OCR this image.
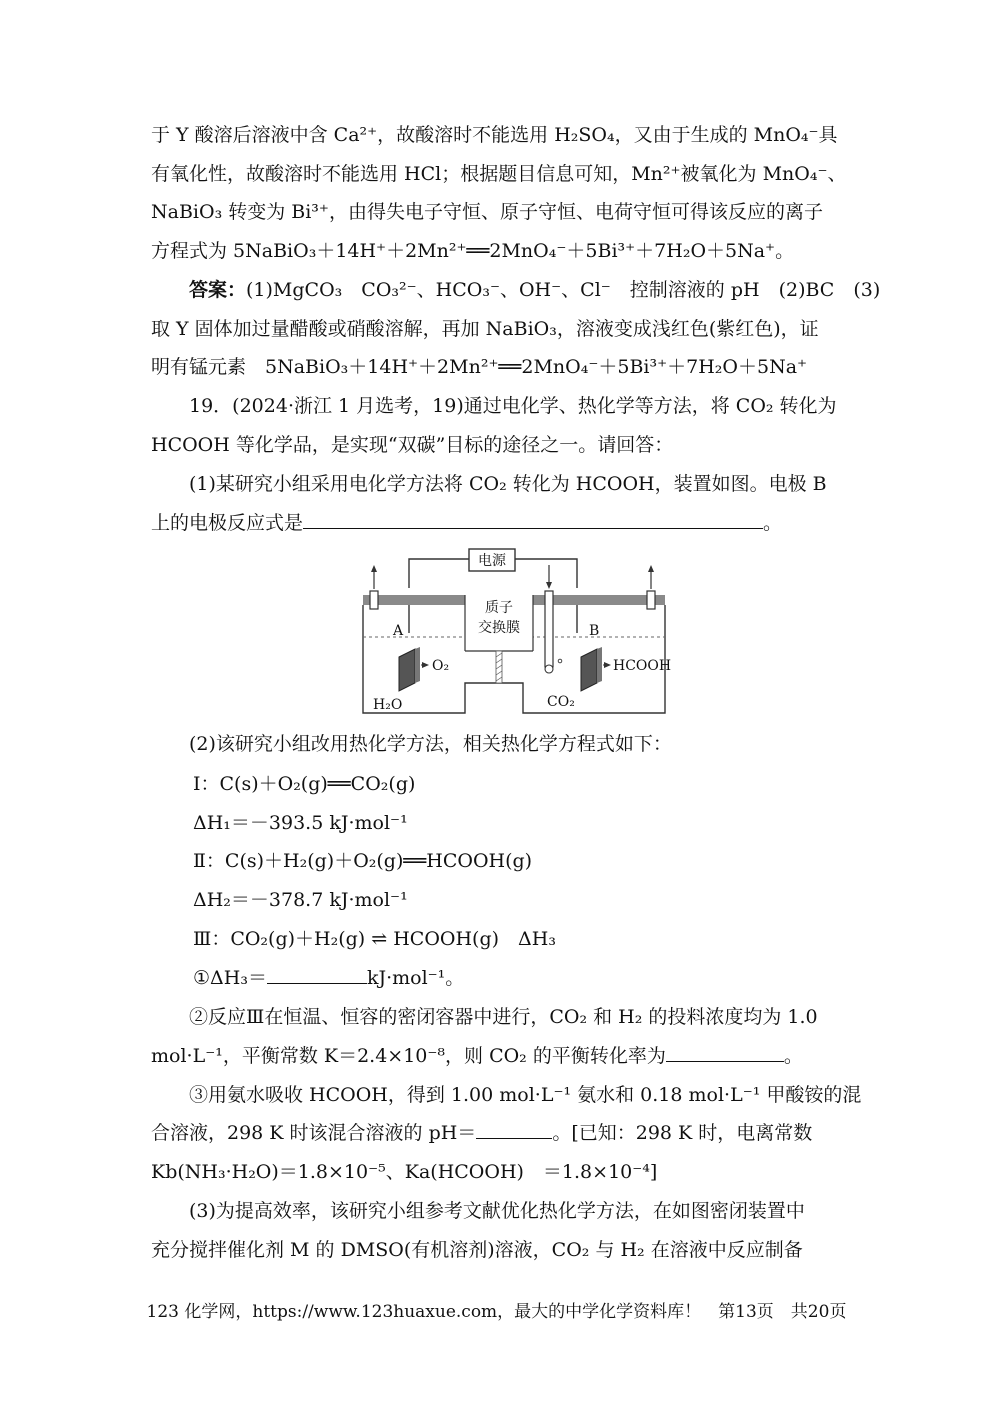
于 Y 酸溶后溶液中含 Ca²⁺，故酸溶时不能选用 H₂SO₄，又由于生成的 MnO₄⁻具
有氧化性，故酸溶时不能选用 HCl；根据题目信息可知，Mn²⁺被氧化为 MnO₄⁻、
NaBiO₃ 转变为 Bi³⁺，由得失电子守恒、原子守恒、电荷守恒可得该反应的离子
方程式为 5NaBiO₃＋14H⁺＋2Mn²⁺══2MnO₄⁻＋5Bi³⁺＋7H₂O＋5Na⁺。
答案：(1)MgCO₃　CO₃²⁻、HCO₃⁻、OH⁻、Cl⁻　控制溶液的 pH　(2)BC　(3)
取 Y 固体加过量醋酸或硝酸溶解，再加 NaBiO₃，溶液变成浅红色(紫红色)，证
明有锰元素　5NaBiO₃＋14H⁺＋2Mn²⁺══2MnO₄⁻＋5Bi³⁺＋7H₂O＋5Na⁺
19．(2024·浙江 1 月选考，19)通过电化学、热化学等方法，将 CO₂ 转化为
HCOOH 等化学品，是实现“双碳”目标的途径之一。请回答：
(1)某研究小组采用电化学方法将 CO₂ 转化为 HCOOH，装置如图。电极 B
上的电极反应式是	。
电源
质子
交换膜
A	B
O₂	HCOOH
H₂O	CO₂
(2)该研究小组改用热化学方法，相关热化学方程式如下：
Ⅰ：C(s)＋O₂(g)══CO₂(g)
ΔH₁＝－393.5 kJ·mol⁻¹
Ⅱ：C(s)＋H₂(g)＋O₂(g)══HCOOH(g)
ΔH₂＝－378.7 kJ·mol⁻¹
Ⅲ：CO₂(g)＋H₂(g) ⇌ HCOOH(g)　ΔH₃
①ΔH₃＝	kJ·mol⁻¹。
②反应Ⅲ在恒温、恒容的密闭容器中进行，CO₂ 和 H₂ 的投料浓度均为 1.0
mol·L⁻¹，平衡常数 K＝2.4×10⁻⁸，则 CO₂ 的平衡转化率为	。
③用氨水吸收 HCOOH，得到 1.00 mol·L⁻¹ 氨水和 0.18 mol·L⁻¹ 甲酸铵的混
合溶液，298 K 时该混合溶液的 pH＝	。[已知：298 K 时，电离常数
Kb(NH₃·H₂O)＝1.8×10⁻⁵、Ka(HCOOH)　＝1.8×10⁻⁴]
(3)为提高效率，该研究小组参考文献优化热化学方法，在如图密闭装置中
充分搅拌催化剂 M 的 DMSO(有机溶剂)溶液，CO₂ 与 H₂ 在溶液中反应制备
123 化学网，https://www.123huaxue.com，最大的中学化学资料库！　第13页　共20页
